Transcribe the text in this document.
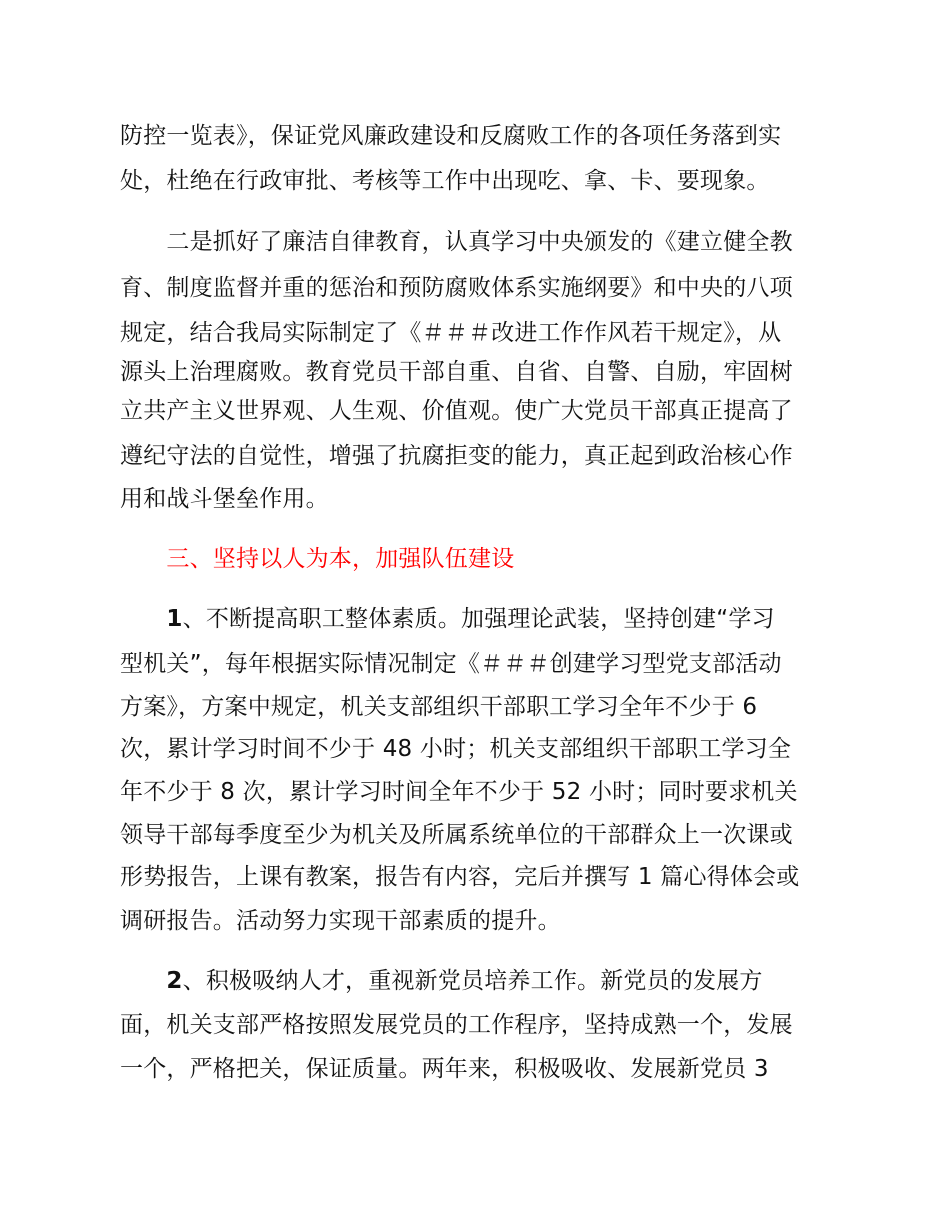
防控一览表》，保证党风廉政建设和反腐败工作的各项任务落到实
处，杜绝在行政审批、考核等工作中出现吃、拿、卡、要现象。
　　二是抓好了廉洁自律教育，认真学习中央颁发的《建立健全教
育、制度监督并重的惩治和预防腐败体系实施纲要》和中央的八项
规定，结合我局实际制定了《＃＃＃改进工作作风若干规定》，从
源头上治理腐败。教育党员干部自重、自省、自警、自励，牢固树
立共产主义世界观、人生观、价值观。使广大党员干部真正提高了
遵纪守法的自觉性，增强了抗腐拒变的能力，真正起到政治核心作
用和战斗堡垒作用。
　　三、坚持以人为本，加强队伍建设
　　1、不断提高职工整体素质。加强理论武装，坚持创建“学习
型机关”，每年根据实际情况制定《＃＃＃创建学习型党支部活动
方案》，方案中规定，机关支部组织干部职工学习全年不少于 6
次，累计学习时间不少于 48 小时；机关支部组织干部职工学习全
年不少于 8 次，累计学习时间全年不少于 52 小时；同时要求机关
领导干部每季度至少为机关及所属系统单位的干部群众上一次课或
形势报告，上课有教案，报告有内容，完后并撰写 1 篇心得体会或
调研报告。活动努力实现干部素质的提升。
　　2、积极吸纳人才，重视新党员培养工作。新党员的发展方
面，机关支部严格按照发展党员的工作程序，坚持成熟一个，发展
一个，严格把关，保证质量。两年来，积极吸收、发展新党员 3
